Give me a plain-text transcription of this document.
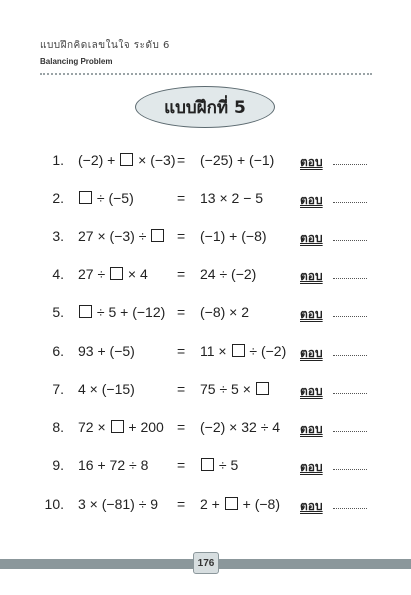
แบบฝึกคิดเลขในใจ ระดับ 6
Balancing Problem
แบบฝึกที่ 5
1. (−2) +  × (−3) = (−25) + (−1) ตอบ
2.	÷ (−5)	= 13 × 2 − 5	ตอบ
3. 27 × (−3) ÷	= (−1) + (−8)	ตอบ
4. 27 ÷  × 4 = 24 ÷ (−2)	ตอบ
5.	÷ 5 + (−12) = (−8) × 2	ตอบ
6. 93 + (−5)	= 11 ×  ÷ (−2) ตอบ
7. 4 × (−15)	= 75 ÷ 5 ×	ตอบ
8. 72 ×  + 200 = (−2) × 32 ÷ 4 ตอบ
9. 16 + 72 ÷ 8 =	÷ 5	ตอบ
10. 3 × (−81) ÷ 9 = 2 +  + (−8) ตอบ
176
